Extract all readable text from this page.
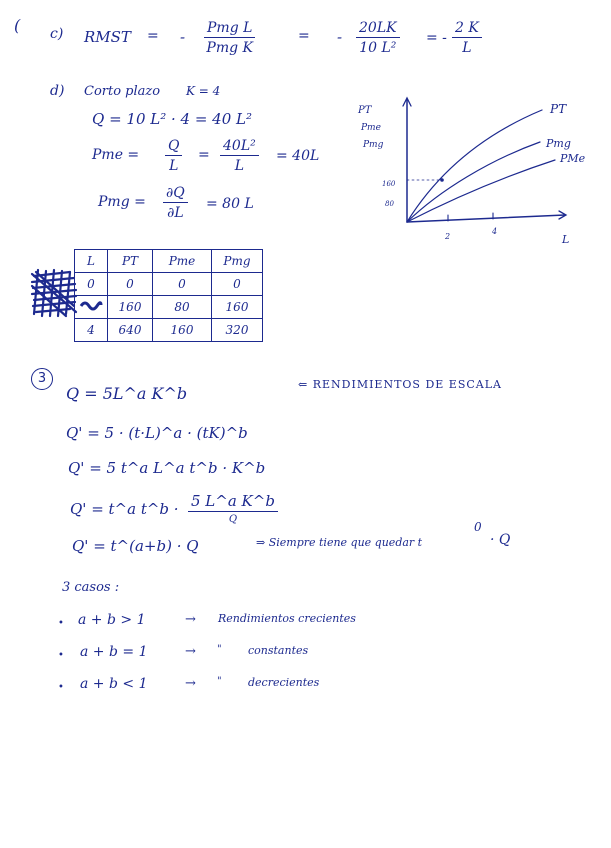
( c) RMST = - Pmg L
Pmg K
= - $\frac{20LK}{\text{10 L²}}$ = - $\frac{2 K}{L}$
d) Corto plazo K = 4
Q = 10 L² · 4 = 40 L²
Pme = $\frac{Q}{L} = \frac{\text{40L²}}{L} = 40L$
Pmg = $\frac{\partial Q}{\partial L} = 80$ L
L	PT	Pme	Pmg
0	0	0	0
	160	80	160
4	640	160	320
PT
Pme
Pmg
PT
Pmg
PMe
160
80
2
4
L
3
Q = 5L^a K^b	⇐ RENDIMIENTOS DE ESCALA
Q' = 5 · (t·L)^a · (tK)^b
Q' = 5 t^a L^a t^b · K^b
Q' = t^a t^b · 5 L^a K^b
Q
Q' = t^(a+b) · Q	⇒ Siempre tiene que quedar t
0
· Q
3 casos :
• a + b > 1	→ Rendimientos crecientes
• a + b = 1	→ " constantes
• a + b < 1	→ " decrecientes
